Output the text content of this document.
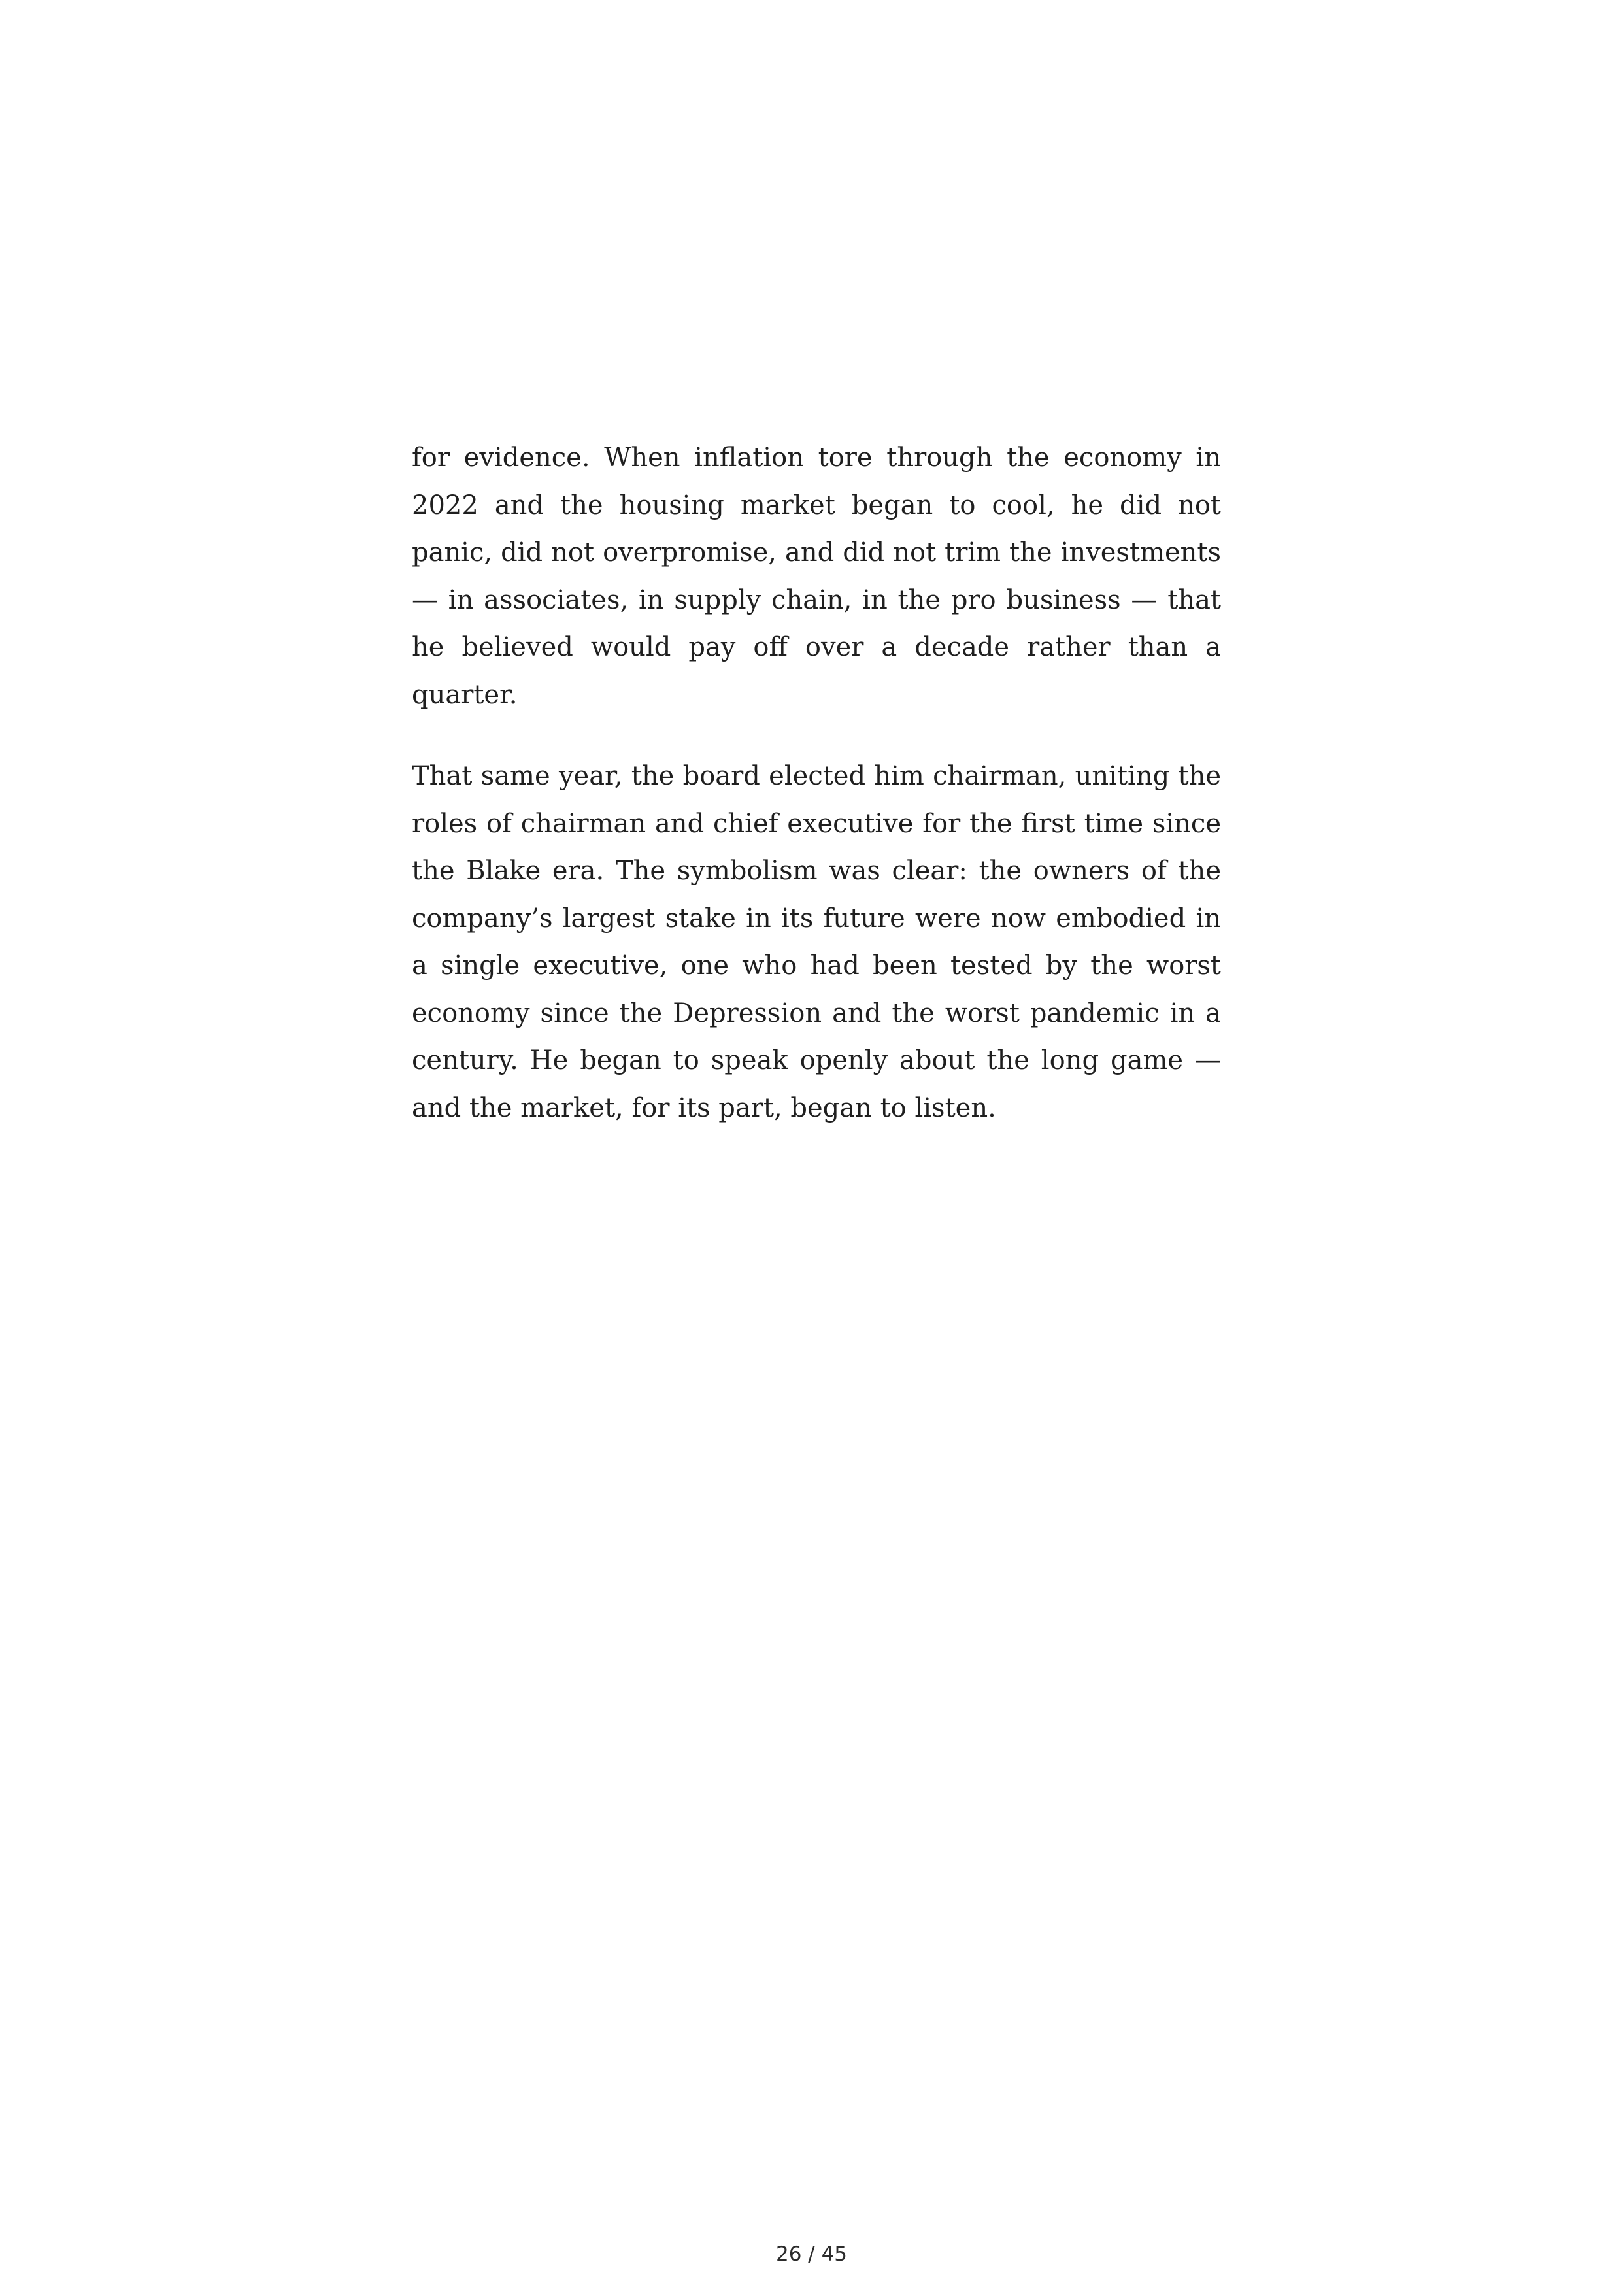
for evidence. When inflation tore through the economy in 2022 and the housing market began to cool, he did not panic, did not overpromise, and did not trim the investments — in associates, in supply chain, in the pro business — that he believed would pay off over a decade rather than a quarter.

That same year, the board elected him chairman, uniting the roles of chairman and chief executive for the first time since the Blake era. The symbolism was clear: the owners of the company’s largest stake in its future were now embodied in a single executive, one who had been tested by the worst economy since the Depression and the worst pandemic in a century. He began to speak openly about the long game — and the market, for its part, began to listen.

26 / 45
